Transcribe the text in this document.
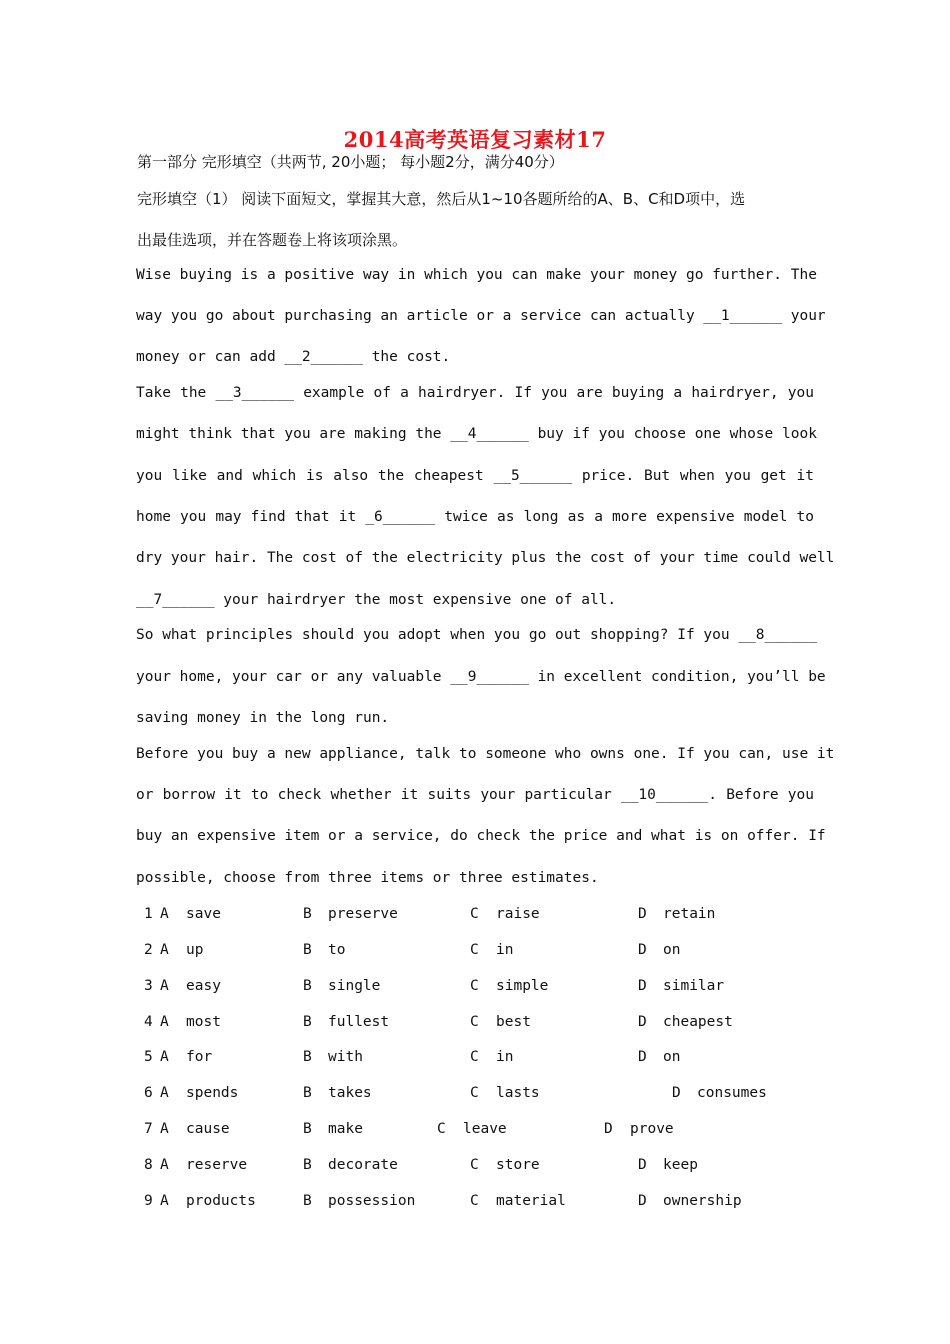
2014高考英语复习素材17
第一部分 完形填空（共两节, 20小题； 每小题2分，满分40分）
完形填空（1） 阅读下面短文，掌握其大意，然后从1~10各题所给的A、B、C和D项中，选
出最佳选项，并在答题卷上将该项涂黑。
Wise buying is a positive way in which you can make your money go further. The
way you go about purchasing an article or a service can actually __1______ your
money or can add __2______ the cost.
Take the __3______ example of a hairdryer. If you are buying a hairdryer, you
might think that you are making the __4______ buy if you choose one whose look
you like and which is also the cheapest __5______ price. But when you get it
home you may find that it _6______ twice as long as a more expensive model to
dry your hair. The cost of the electricity plus the cost of your time could well
__7______ your hairdryer the most expensive one of all.
So what principles should you adopt when you go out shopping? If you __8______
your home, your car or any valuable __9______ in excellent condition, you’ll be
saving money in the long run.
Before you buy a new appliance, talk to someone who owns one. If you can, use it
or borrow it to check whether it suits your particular __10______. Before you
buy an expensive item or a service, do check the price and what is on offer. If
possible, choose from three items or three estimates.
1 A save	B preserve	C raise	D retain
2 A up	B to	C in	D on
3 A easy	B single	C simple	D similar
4 A most	B fullest	C best	D cheapest
5 A for	B with	C in	D on
6 A spends	B takes	C lasts	D consumes
7 A cause	B make	C leave	D prove
8 A reserve	B decorate	C store	D keep
9 A products	B possession	C material	D ownership
